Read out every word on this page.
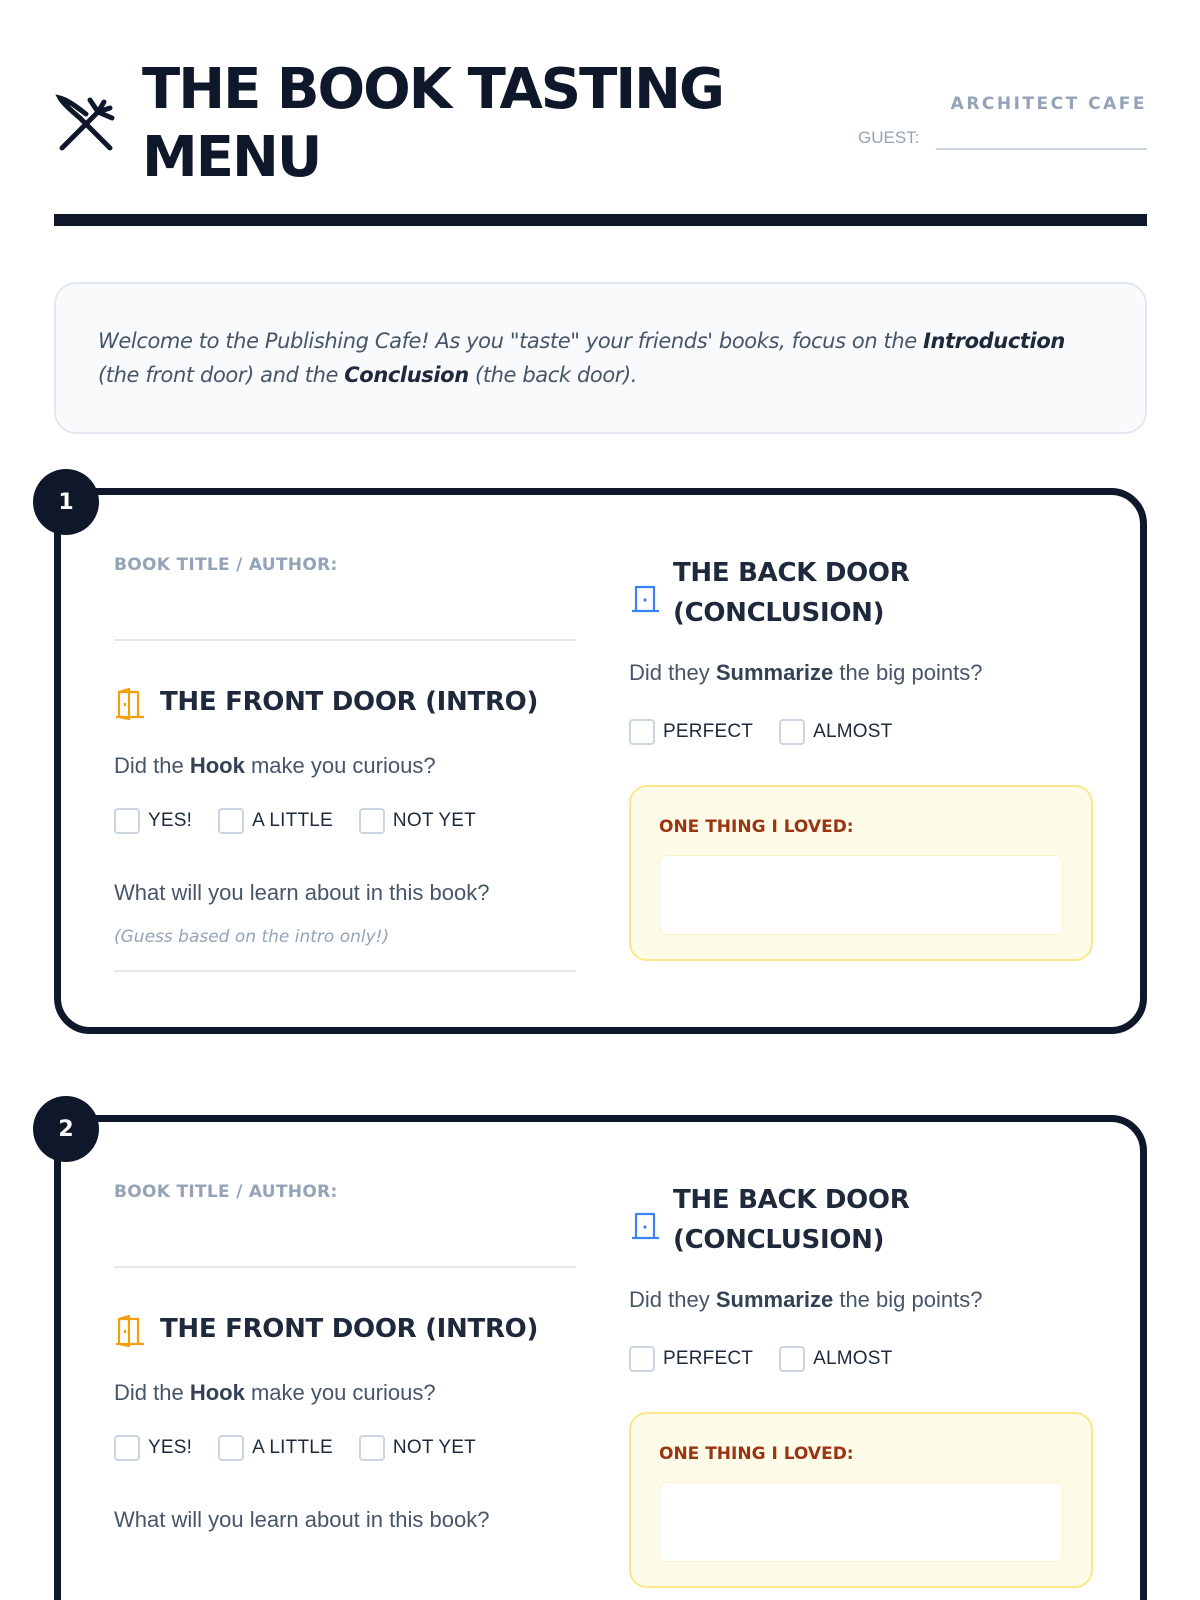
THE BOOK TASTING MENU
ARCHITECT CAFE
GUEST:

Welcome to the Publishing Cafe! As you "taste" your friends' books, focus on the Introduction (the front door) and the Conclusion (the back door).

1
BOOK TITLE / AUTHOR:
THE FRONT DOOR (INTRO)
Did the Hook make you curious?
YES!	A LITTLE	NOT YET
What will you learn about in this book?
(Guess based on the intro only!)
THE BACK DOOR (CONCLUSION)
Did they Summarize the big points?
PERFECT	ALMOST
ONE THING I LOVED:
2
BOOK TITLE / AUTHOR:
THE FRONT DOOR (INTRO)
Did the Hook make you curious?
YES!	A LITTLE	NOT YET
What will you learn about in this book?
THE BACK DOOR (CONCLUSION)
Did they Summarize the big points?
PERFECT	ALMOST
ONE THING I LOVED:
